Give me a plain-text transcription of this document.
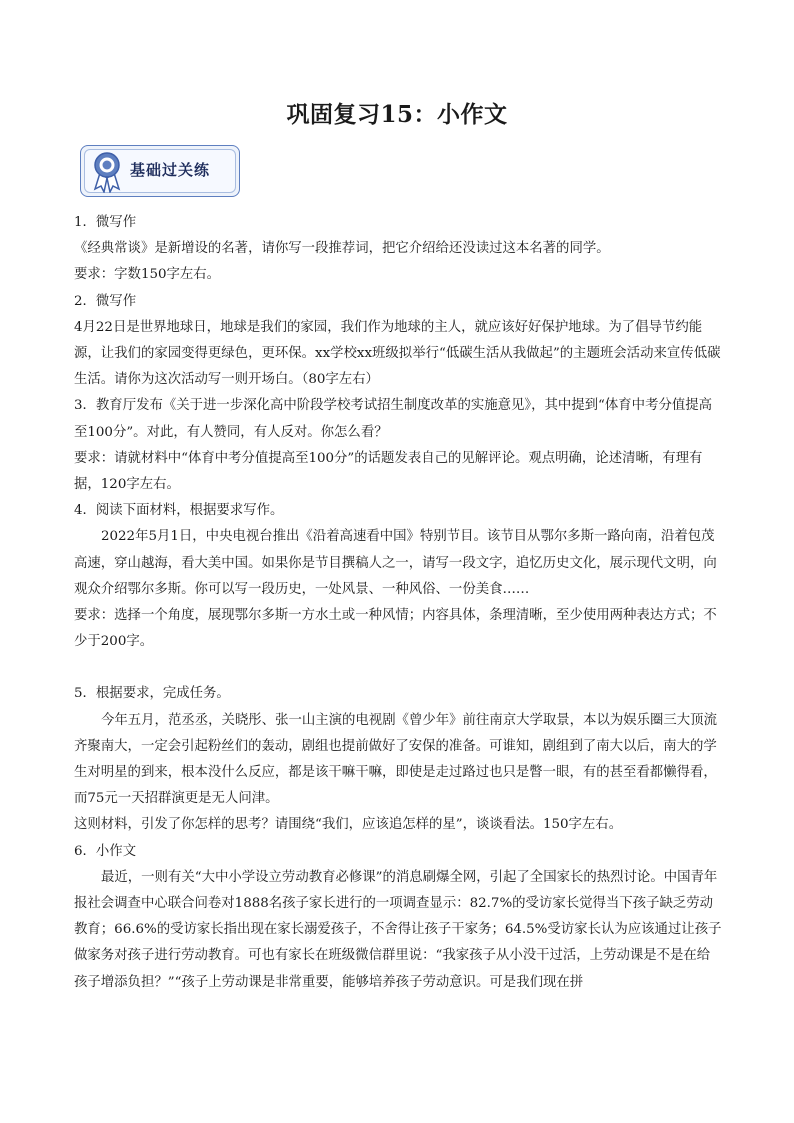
巩固复习15：小作文
基础过关练

1．微写作

《经典常谈》是新增设的名著，请你写一段推荐词，把它介绍给还没读过这本名著的同学。

要求：字数150字左右。

2．微写作

4月22日是世界地球日，地球是我们的家园，我们作为地球的主人，就应该好好保护地球。为了倡导节约能源，让我们的家园变得更绿色，更环保。xx学校xx班级拟举行“低碳生活从我做起”的主题班会活动来宣传低碳生活。请你为这次活动写一则开场白。（80字左右）

3．教育厅发布《关于进一步深化高中阶段学校考试招生制度改革的实施意见》，其中提到“体育中考分值提高至100分”。对此，有人赞同，有人反对。你怎么看？

要求：请就材料中“体育中考分值提高至100分”的话题发表自己的见解评论。观点明确，论述清晰，有理有据，120字左右。

4．阅读下面材料，根据要求写作。

2022年5月1日，中央电视台推出《沿着高速看中国》特别节目。该节目从鄂尔多斯一路向南，沿着包茂高速，穿山越海，看大美中国。如果你是节目撰稿人之一，请写一段文字，追忆历史文化，展示现代文明，向观众介绍鄂尔多斯。你可以写一段历史，一处风景、一种风俗、一份美食……

要求：选择一个角度，展现鄂尔多斯一方水土或一种风情；内容具体，条理清晰，至少使用两种表达方式；不少于200字。

5．根据要求，完成任务。

今年五月，范丞丞，关晓彤、张一山主演的电视剧《曾少年》前往南京大学取景，本以为娱乐圈三大顶流齐聚南大，一定会引起粉丝们的轰动，剧组也提前做好了安保的准备。可谁知，剧组到了南大以后，南大的学生对明星的到来，根本没什么反应，都是该干嘛干嘛，即使是走过路过也只是瞥一眼，有的甚至看都懒得看，而75元一天招群演更是无人问津。

这则材料，引发了你怎样的思考？请围绕“我们，应该追怎样的星”，谈谈看法。150字左右。

6．小作文

最近，一则有关“大中小学设立劳动教育必修课”的消息刷爆全网，引起了全国家长的热烈讨论。中国青年报社会调查中心联合问卷对1888名孩子家长进行的一项调查显示：82.7%的受访家长觉得当下孩子缺乏劳动教育；66.6%的受访家长指出现在家长溺爱孩子，不舍得让孩子干家务；64.5%受访家长认为应该通过让孩子做家务对孩子进行劳动教育。可也有家长在班级微信群里说：“我家孩子从小没干过活，上劳动课是不是在给孩子增添负担？”“孩子上劳动课是非常重要，能够培养孩子劳动意识。可是我们现在拼
